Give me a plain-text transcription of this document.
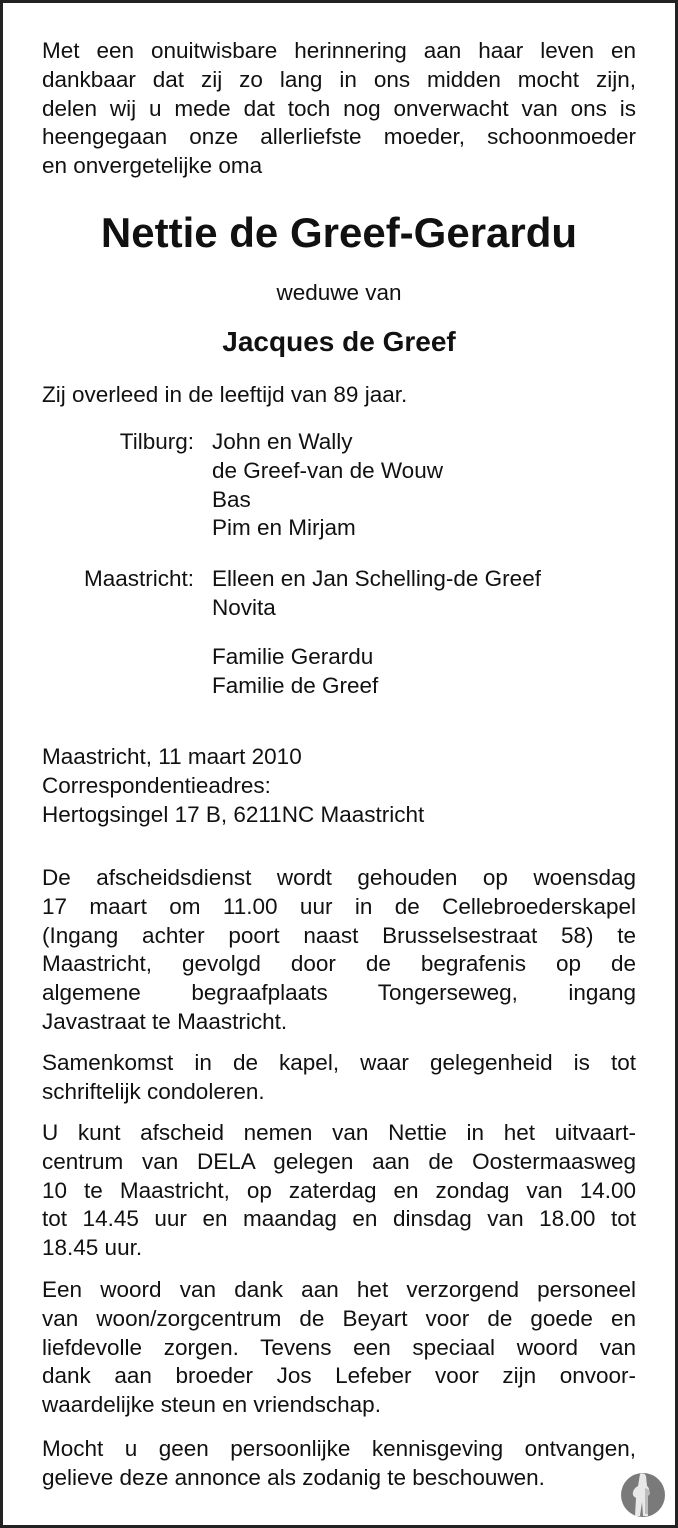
Met een onuitwisbare herinnering aan haar leven en
dankbaar dat zij zo lang in ons midden mocht zijn,
delen wij u mede dat toch nog onverwacht van ons is
heengegaan onze allerliefste moeder, schoonmoeder
en onvergetelijke oma
Nettie de Greef-Gerardu
weduwe van
Jacques de Greef
Zij overleed in de leeftijd van 89 jaar.
Tilburg: John en Wally
de Greef-van de Wouw
Bas
Pim en Mirjam
Maastricht: Elleen en Jan Schelling-de Greef
Novita
Familie Gerardu
Familie de Greef
Maastricht, 11 maart 2010
Correspondentieadres:
Hertogsingel 17 B, 6211NC Maastricht
De afscheidsdienst wordt gehouden op woensdag
17 maart om 11.00 uur in de Cellebroederskapel
(Ingang achter poort naast Brusselsestraat 58) te
Maastricht, gevolgd door de begrafenis op de
algemene begraafplaats Tongerseweg, ingang
Javastraat te Maastricht.
Samenkomst in de kapel, waar gelegenheid is tot
schriftelijk condoleren.
U kunt afscheid nemen van Nettie in het uitvaart-
centrum van DELA gelegen aan de Oostermaasweg
10 te Maastricht, op zaterdag en zondag van 14.00
tot 14.45 uur en maandag en dinsdag van 18.00 tot
18.45 uur.
Een woord van dank aan het verzorgend personeel
van woon/zorgcentrum de Beyart voor de goede en
liefdevolle zorgen. Tevens een speciaal woord van
dank aan broeder Jos Lefeber voor zijn onvoor-
waardelijke steun en vriendschap.
Mocht u geen persoonlijke kennisgeving ontvangen,
gelieve deze annonce als zodanig te beschouwen.
